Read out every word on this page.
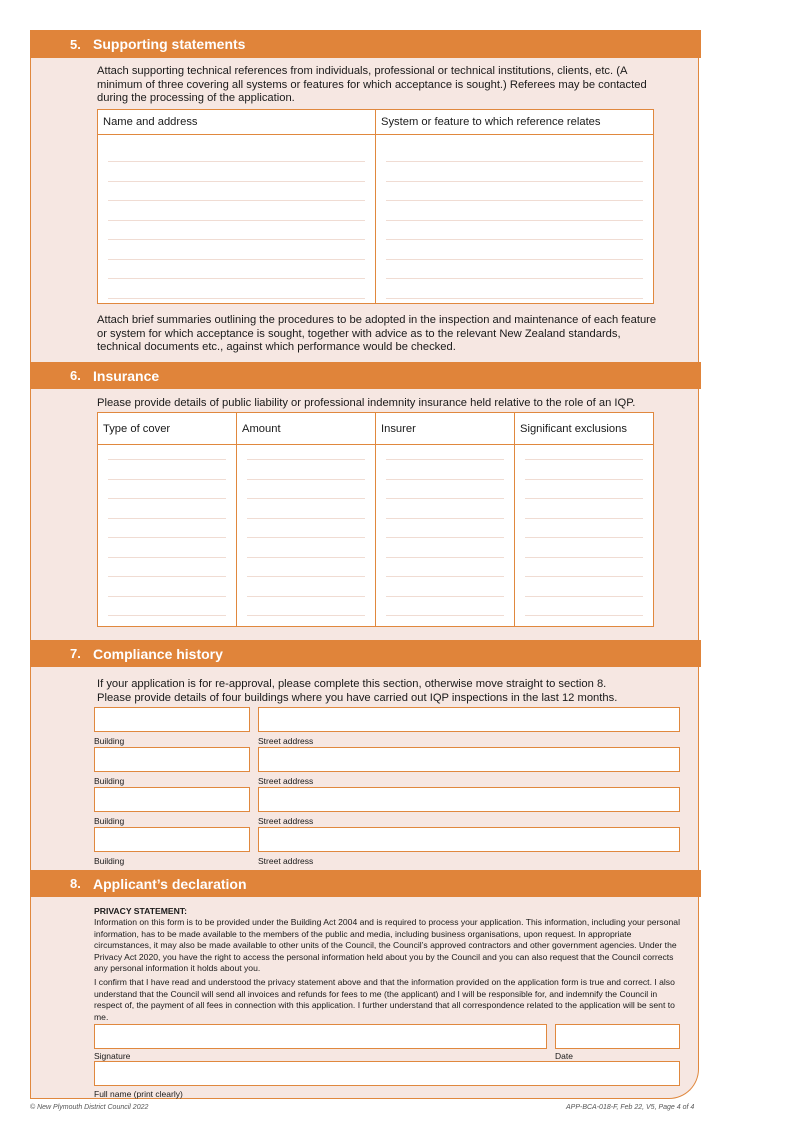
5. Supporting statements
Attach supporting technical references from individuals, professional or technical institutions, clients, etc. (A minimum of three covering all systems or features for which acceptance is sought.) Referees may be contacted during the processing of the application.
Name and address	System or feature to which reference relates

Attach brief summaries outlining the procedures to be adopted in the inspection and maintenance of each feature or system for which acceptance is sought, together with advice as to the relevant New Zealand standards, technical documents etc., against which performance would be checked.
6. Insurance
Please provide details of public liability or professional indemnity insurance held relative to the role of an IQP.
Type of cover	Amount	Insurer	Significant exclusions

7. Compliance history
If your application is for re-approval, please complete this section, otherwise move straight to section 8.
Please provide details of four buildings where you have carried out IQP inspections in the last 12 months.
Building	Street address
Building	Street address
Building	Street address
Building	Street address
8. Applicant’s declaration
PRIVACY STATEMENT:
Information on this form is to be provided under the Building Act 2004 and is required to process your application. This information, including your personal information, has to be made available to the members of the public and media, including business organisations, upon request. In appropriate circumstances, it may also be made available to other units of the Council, the Council’s approved contractors and other government agencies. Under the Privacy Act 2020, you have the right to access the personal information held about you by the Council and you can also request that the Council corrects any personal information it holds about you.
I confirm that I have read and understood the privacy statement above and that the information provided on the application form is true and correct. I also understand that the Council will send all invoices and refunds for fees to me (the applicant) and I will be responsible for, and indemnify the Council in respect of, the payment of all fees in connection with this application. I further understand that all correspondence related to the application will be sent to me.
Signature	Date
Full name (print clearly)
© New Plymouth District Council 2022	APP-BCA-018-F, Feb 22, V5, Page 4 of 4
